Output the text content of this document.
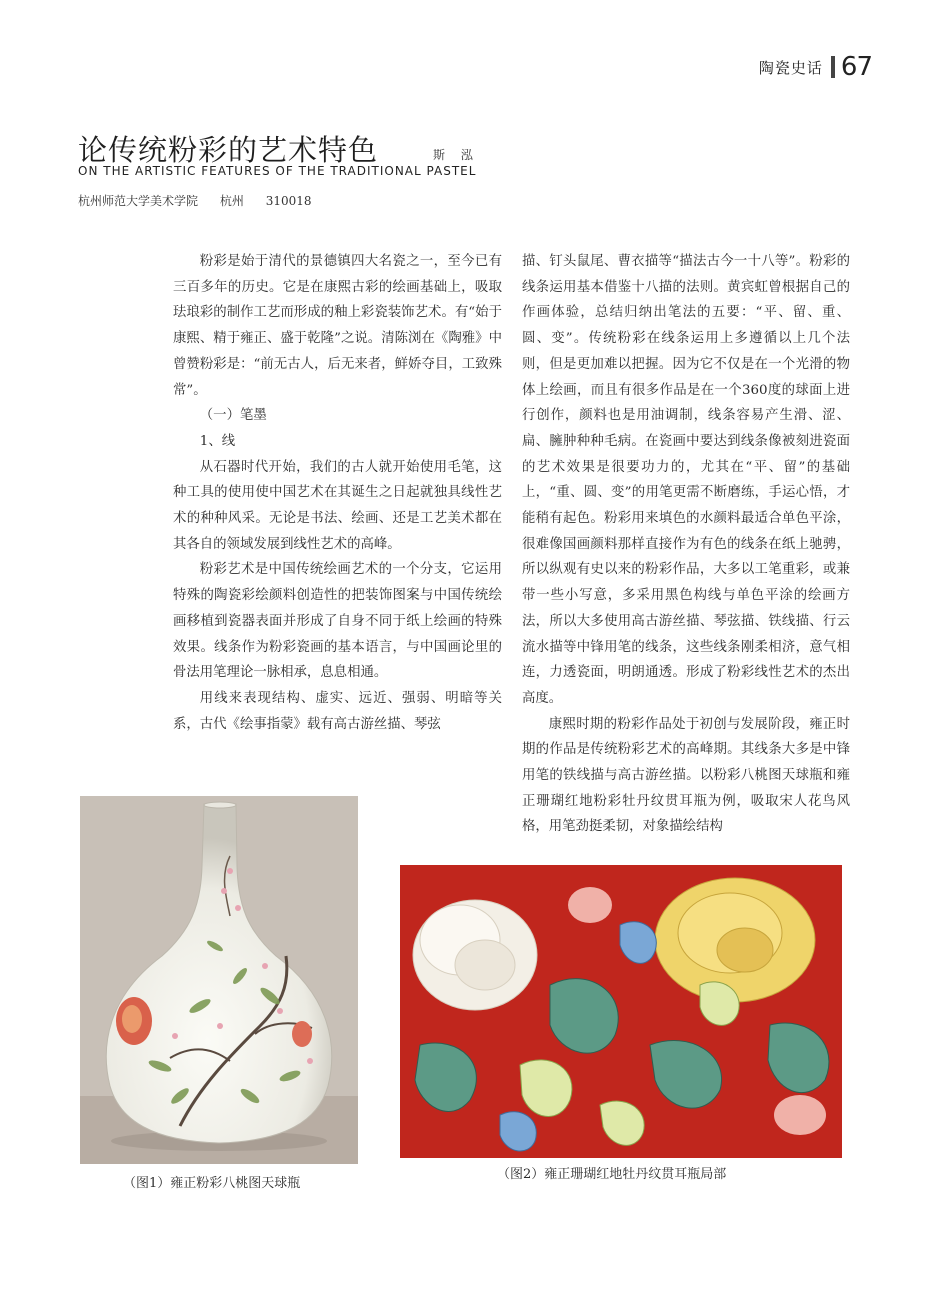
陶瓷史话 67
论传统粉彩的艺术特色	斯 泓
ON THE ARTISTIC FEATURES OF THE TRADITIONAL PASTEL
杭州师范大学美术学院 杭州 310018

粉彩是始于清代的景德镇四大名瓷之一，至今已有三百多年的历史。它是在康熙古彩的绘画基础上，吸取珐琅彩的制作工艺而形成的釉上彩瓷装饰艺术。有“始于康熙、精于雍正、盛于乾隆”之说。清陈浏在《陶雅》中曾赞粉彩是：“前无古人，后无来者，鲜娇夺目，工致殊常”。

（一）笔墨

1、线

从石器时代开始，我们的古人就开始使用毛笔，这种工具的使用使中国艺术在其诞生之日起就独具线性艺术的种种风采。无论是书法、绘画、还是工艺美术都在其各自的领域发展到线性艺术的高峰。

粉彩艺术是中国传统绘画艺术的一个分支，它运用特殊的陶瓷彩绘颜料创造性的把装饰图案与中国传统绘画移植到瓷器表面并形成了自身不同于纸上绘画的特殊效果。线条作为粉彩瓷画的基本语言，与中国画论里的骨法用笔理论一脉相承，息息相通。

用线来表现结构、虚实、远近、强弱、明暗等关系，古代《绘事指蒙》载有高古游丝描、琴弦

描、钉头鼠尾、曹衣描等“描法古今一十八等”。粉彩的线条运用基本借鉴十八描的法则。黄宾虹曾根据自己的作画体验，总结归纳出笔法的五要：“平、留、重、圆、变”。传统粉彩在线条运用上多遵循以上几个法则，但是更加难以把握。因为它不仅是在一个光滑的物体上绘画，而且有很多作品是在一个360度的球面上进行创作，颜料也是用油调制，线条容易产生滑、涩、扁、臃肿种种毛病。在瓷画中要达到线条像被刻进瓷面的艺术效果是很要功力的，尤其在“平、留”的基础上，“重、圆、变”的用笔更需不断磨练，手运心悟，才能稍有起色。粉彩用来填色的水颜料最适合单色平涂，很难像国画颜料那样直接作为有色的线条在纸上驰骋，所以纵观有史以来的粉彩作品，大多以工笔重彩，或兼带一些小写意，多采用黑色构线与单色平涂的绘画方法，所以大多使用高古游丝描、琴弦描、铁线描、行云流水描等中锋用笔的线条，这些线条刚柔相济，意气相连，力透瓷面，明朗通透。形成了粉彩线性艺术的杰出高度。

康熙时期的粉彩作品处于初创与发展阶段，雍正时期的作品是传统粉彩艺术的高峰期。其线条大多是中锋用笔的铁线描与高古游丝描。以粉彩八桃图天球瓶和雍正珊瑚红地粉彩牡丹纹贯耳瓶为例，吸取宋人花鸟风格，用笔劲挺柔韧，对象描绘结构

（图1）雍正粉彩八桃图天球瓶
（图2）雍正珊瑚红地牡丹纹贯耳瓶局部
